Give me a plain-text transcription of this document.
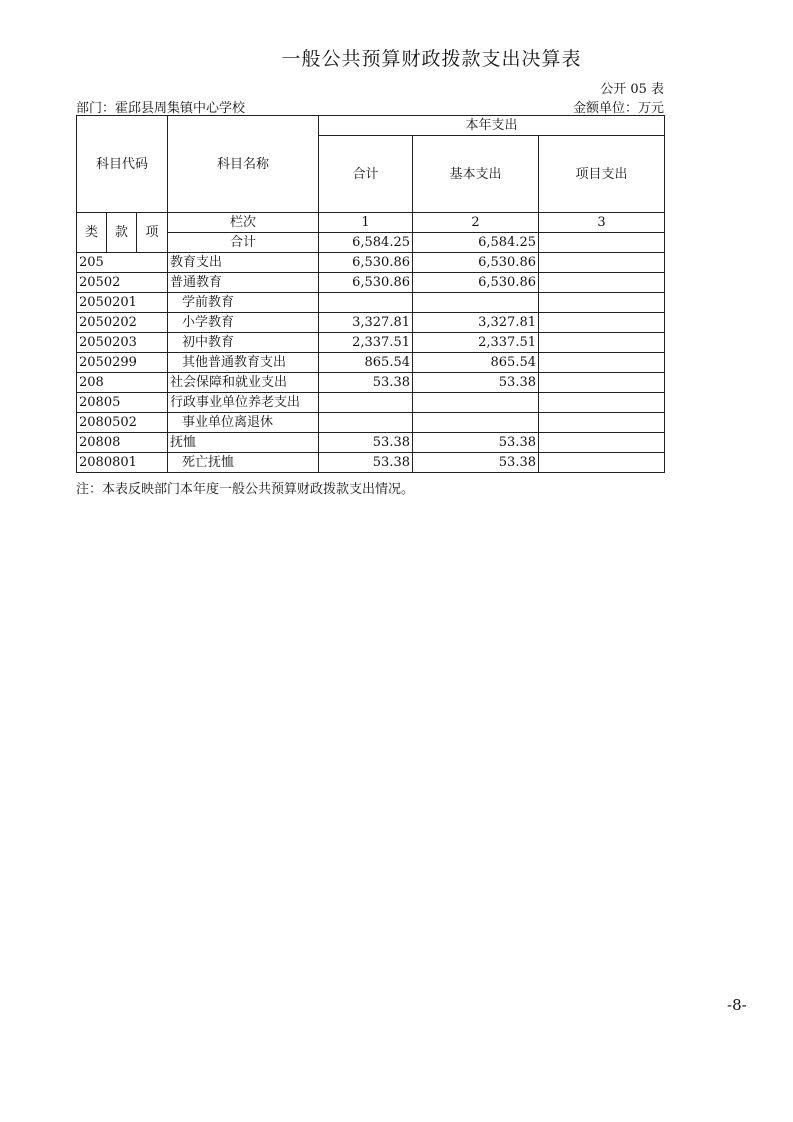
一般公共预算财政拨款支出决算表
公开 05 表
部门：霍邱县周集镇中心学校	金额单位：万元
科目代码			科目名称	本年支出		
				合计	基本支出	项目支出

类	款	项	栏次	1	2	3
			合计	6,584.25	6,584.25	
205			教育支出	6,530.86	6,530.86	
20502			普通教育	6,530.86	6,530.86	
2050201			学前教育			
2050202			小学教育	3,327.81	3,327.81	
2050203			初中教育	2,337.51	2,337.51	
2050299			其他普通教育支出	865.54	865.54	
208			社会保障和就业支出	53.38	53.38	
20805			行政事业单位养老支出			
2080502			事业单位离退休			
20808			抚恤	53.38	53.38	
2080801			死亡抚恤	53.38	53.38	
注：本表反映部门本年度一般公共预算财政拨款支出情况。
-8-
